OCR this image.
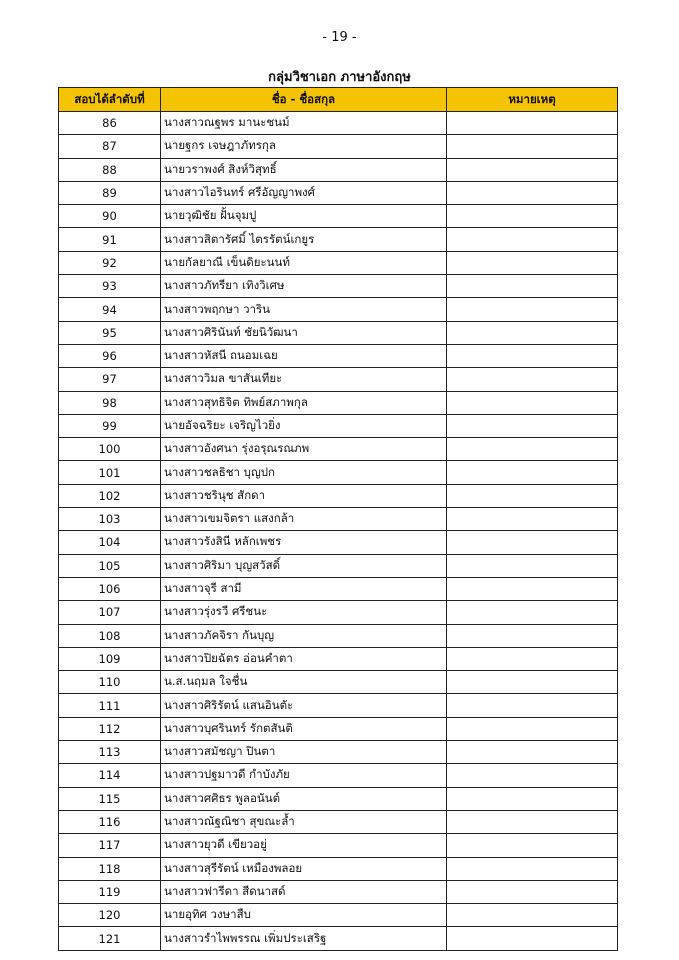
- 19 -
กลุ่มวิชาเอก ภาษาอังกฤษ
สอบได้ลำดับที่	ชื่อ - ชื่อสกุล	หมายเหตุ
86	นางสาวณฐพร มานะชนม์	
87	นายฐกร เจษฎาภัทรกุล	
88	นายวราพงศ์ สิงห์วิสุทธิ์	
89	นางสาวไอรินทร์ ศรีอัญญาพงศ์	
90	นายวุฒิชัย ฝั้นจุมปู	
91	นางสาวสิตารัศมิ์ ไตรรัตน์เกยูร	
92	นายกัลยาณี เข็นดิยะนนท์	
93	นางสาวภัทรียา เทิงวิเศษ	
94	นางสาวพฤกษา วาริน	
95	นางสาวศิรินันท์ ชัยนิวัฒนา	
96	นางสาวหัสนี ถนอมเฉย	
97	นางสาววิมล ขาสันเทียะ	
98	นางสาวสุทธิจิต ทิพย์สภาพกุล	
99	นายอัจฉริยะ เจริญไวยิ่ง	
100	นางสาวอังศนา รุ่งอรุณรณภพ	
101	นางสาวชลธิชา บุญปก	
102	นางสาวชรินุช สักดา	
103	นางสาวเขมจิตรา แสงกล้า	
104	นางสาวรังสินี หลักเพชร	
105	นางสาวศิริมา บุญสวัสดิ์	
106	นางสาวจุรี สามี	
107	นางสาวรุ่งรวี ศรีชนะ	
108	นางสาวภัคจิรา กันบุญ	
109	นางสาวปิยฉัตร อ่อนคำตา	
110	น.ส.นฤมล ใจชื่น	
111	นางสาวศิริรัตน์ แสนอินตัะ	
112	นางสาวบุศรินทร์ รักตสันติ	
113	นางสาวสมัชญา ปินตา	
114	นางสาวปฐมาวดี กำบังภัย	
115	นางสาวศศิธร พูลอนันต์	
116	นางสาวณัฐณิชา สุขณะล้ำ	
117	นางสาวยุวดี เขียวอยู่	
118	นางสาวสุรีรัตน์ เหมืองพลอย	
119	นางสาวฟารีดา สีดนาสด์	
120	นายอุทิศ วงษาสืบ	
121	นางสาวรำไพพรรณ เพิ่มประเสริฐ	
